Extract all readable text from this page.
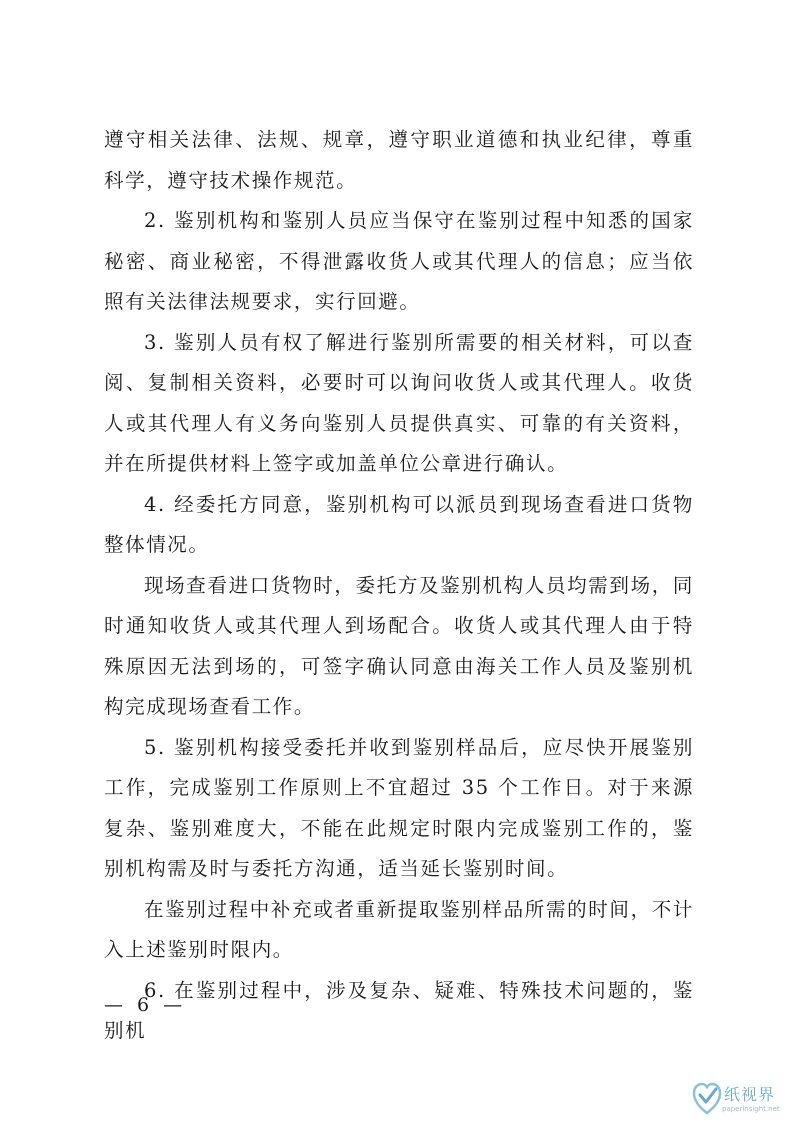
遵守相关法律、法规、规章，遵守职业道德和执业纪律，尊重科学，遵守技术操作规范。

2. 鉴别机构和鉴别人员应当保守在鉴别过程中知悉的国家秘密、商业秘密，不得泄露收货人或其代理人的信息；应当依照有关法律法规要求，实行回避。

3. 鉴别人员有权了解进行鉴别所需要的相关材料，可以查阅、复制相关资料，必要时可以询问收货人或其代理人。收货人或其代理人有义务向鉴别人员提供真实、可靠的有关资料，并在所提供材料上签字或加盖单位公章进行确认。

4. 经委托方同意，鉴别机构可以派员到现场查看进口货物整体情况。

现场查看进口货物时，委托方及鉴别机构人员均需到场，同时通知收货人或其代理人到场配合。收货人或其代理人由于特殊原因无法到场的，可签字确认同意由海关工作人员及鉴别机构完成现场查看工作。

5. 鉴别机构接受委托并收到鉴别样品后，应尽快开展鉴别工作，完成鉴别工作原则上不宜超过 35 个工作日。对于来源复杂、鉴别难度大，不能在此规定时限内完成鉴别工作的，鉴别机构需及时与委托方沟通，适当延长鉴别时间。

在鉴别过程中补充或者重新提取鉴别样品所需的时间，不计入上述鉴别时限内。

6. 在鉴别过程中，涉及复杂、疑难、特殊技术问题的，鉴别机

— 6 —
纸视界
paperinsight.net
